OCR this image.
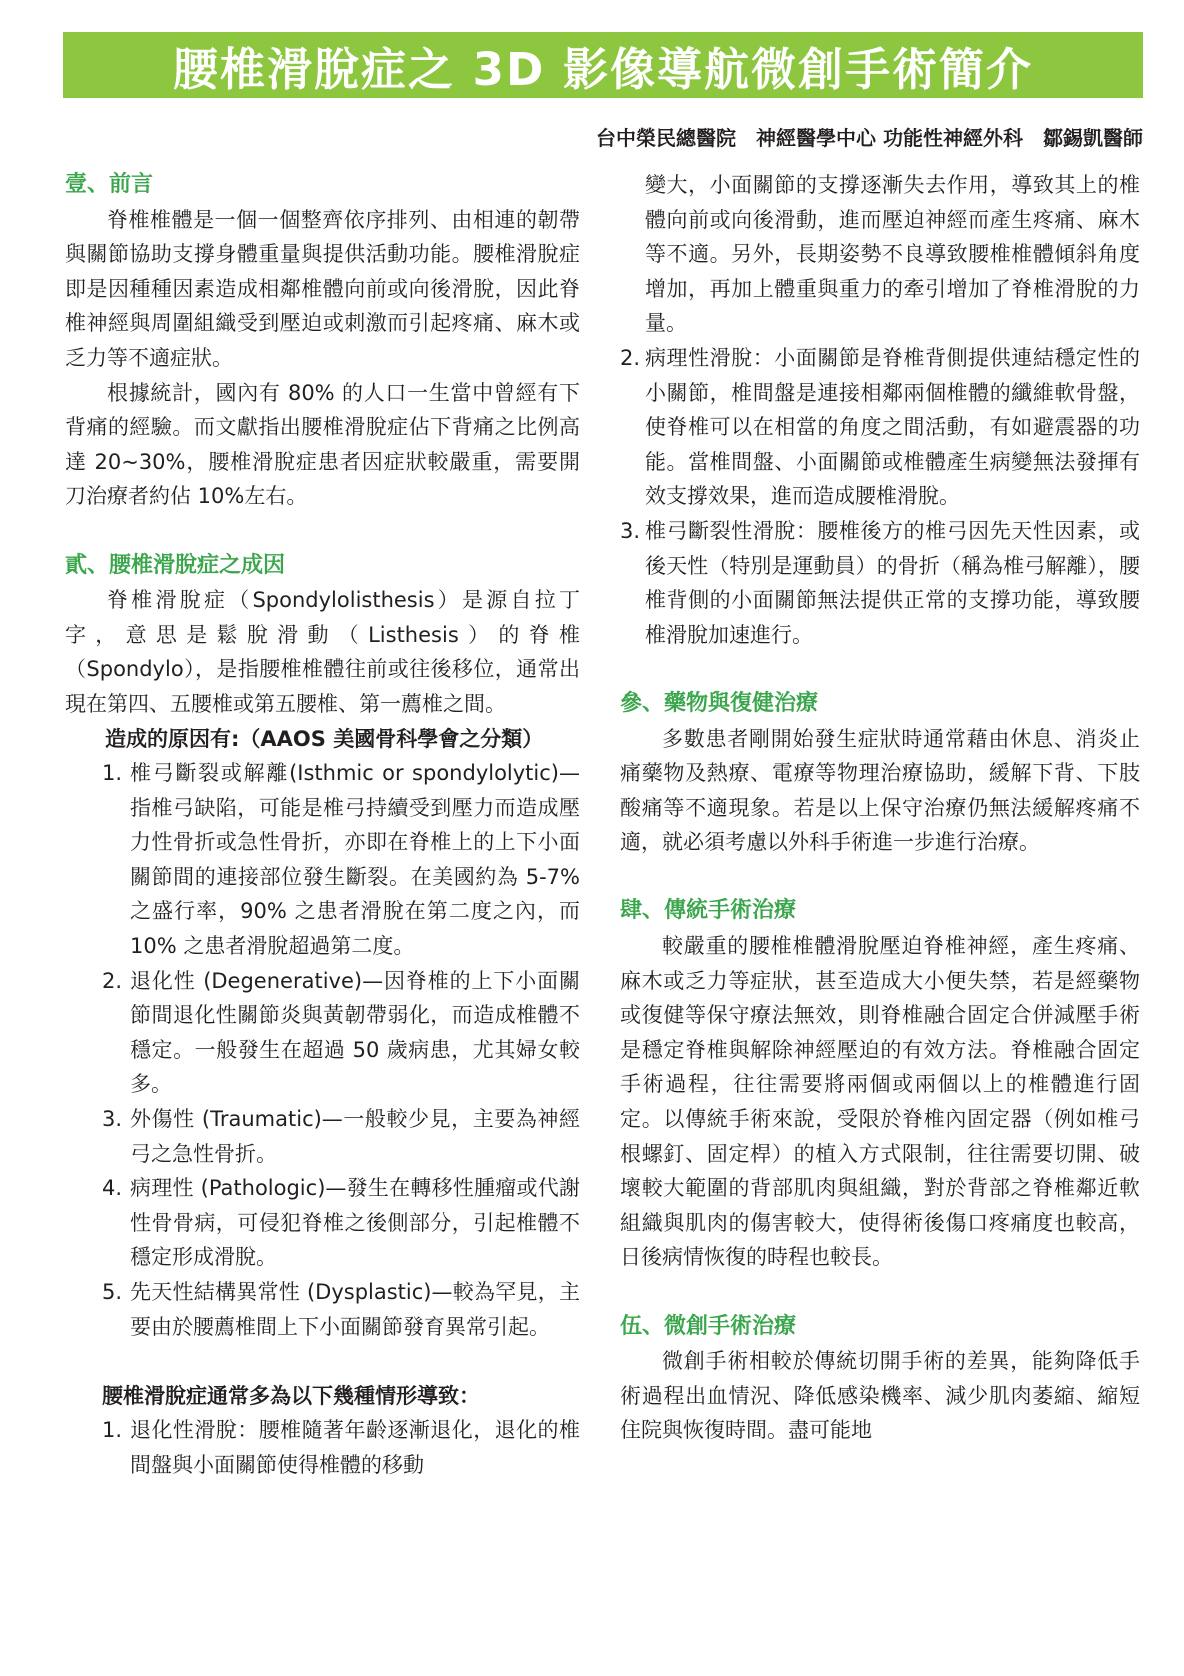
腰椎滑脫症之 3D 影像導航微創手術簡介
台中榮民總醫院　神經醫學中心 功能性神經外科　鄒錫凱醫師
壹、前言

脊椎椎體是一個一個整齊依序排列、由相連的韌帶與關節協助支撐身體重量與提供活動功能。腰椎滑脫症即是因種種因素造成相鄰椎體向前或向後滑脫，因此脊椎神經與周圍組織受到壓迫或刺激而引起疼痛、麻木或乏力等不適症狀。

根據統計，國內有 80% 的人口一生當中曾經有下背痛的經驗。而文獻指出腰椎滑脫症佔下背痛之比例高達 20~30%，腰椎滑脫症患者因症狀較嚴重，需要開刀治療者約佔 10%左右。

貳、腰椎滑脫症之成因

脊椎滑脫症（Spondylolisthesis）是源自拉丁字，意思是鬆脫滑動（Listhesis）的脊椎（Spondylo），是指腰椎椎體往前或往後移位，通常出現在第四、五腰椎或第五腰椎、第一薦椎之間。

造成的原因有:（AAOS 美國骨科學會之分類）
1. 椎弓斷裂或解離(Isthmic or spondylolytic)—指椎弓缺陷，可能是椎弓持續受到壓力而造成壓力性骨折或急性骨折，亦即在脊椎上的上下小面關節間的連接部位發生斷裂。在美國約為 5-7% 之盛行率，90% 之患者滑脫在第二度之內，而 10% 之患者滑脫超過第二度。
2. 退化性 (Degenerative)—因脊椎的上下小面關節間退化性關節炎與黃韌帶弱化，而造成椎體不穩定。一般發生在超過 50 歲病患，尤其婦女較多。
3. 外傷性 (Traumatic)—一般較少見，主要為神經弓之急性骨折。
4. 病理性 (Pathologic)—發生在轉移性腫瘤或代謝性骨骨病，可侵犯脊椎之後側部分，引起椎體不穩定形成滑脫。
5. 先天性結構異常性 (Dysplastic)—較為罕見，主要由於腰薦椎間上下小面關節發育異常引起。
腰椎滑脫症通常多為以下幾種情形導致：
1. 退化性滑脫：腰椎隨著年齡逐漸退化，退化的椎間盤與小面關節使得椎體的移動

變大，小面關節的支撐逐漸失去作用，導致其上的椎體向前或向後滑動，進而壓迫神經而產生疼痛、麻木等不適。另外，長期姿勢不良導致腰椎椎體傾斜角度增加，再加上體重與重力的牽引增加了脊椎滑脫的力量。

2. 病理性滑脫：小面關節是脊椎背側提供連結穩定性的小關節，椎間盤是連接相鄰兩個椎體的纖維軟骨盤，使脊椎可以在相當的角度之間活動，有如避震器的功能。當椎間盤、小面關節或椎體產生病變無法發揮有效支撐效果，進而造成腰椎滑脫。
3. 椎弓斷裂性滑脫：腰椎後方的椎弓因先天性因素，或後天性（特別是運動員）的骨折（稱為椎弓解離），腰椎背側的小面關節無法提供正常的支撐功能，導致腰椎滑脫加速進行。
參、藥物與復健治療

多數患者剛開始發生症狀時通常藉由休息、消炎止痛藥物及熱療、電療等物理治療協助，緩解下背、下肢酸痛等不適現象。若是以上保守治療仍無法緩解疼痛不適，就必須考慮以外科手術進一步進行治療。

肆、傳統手術治療

較嚴重的腰椎椎體滑脫壓迫脊椎神經，產生疼痛、麻木或乏力等症狀，甚至造成大小便失禁，若是經藥物或復健等保守療法無效，則脊椎融合固定合併減壓手術是穩定脊椎與解除神經壓迫的有效方法。脊椎融合固定手術過程，往往需要將兩個或兩個以上的椎體進行固定。以傳統手術來說，受限於脊椎內固定器（例如椎弓根螺釘、固定桿）的植入方式限制，往往需要切開、破壞較大範圍的背部肌肉與組織，對於背部之脊椎鄰近軟組織與肌肉的傷害較大，使得術後傷口疼痛度也較高，日後病情恢復的時程也較長。

伍、微創手術治療

微創手術相較於傳統切開手術的差異，能夠降低手術過程出血情況、降低感染機率、減少肌肉萎縮、縮短住院與恢復時間。盡可能地
